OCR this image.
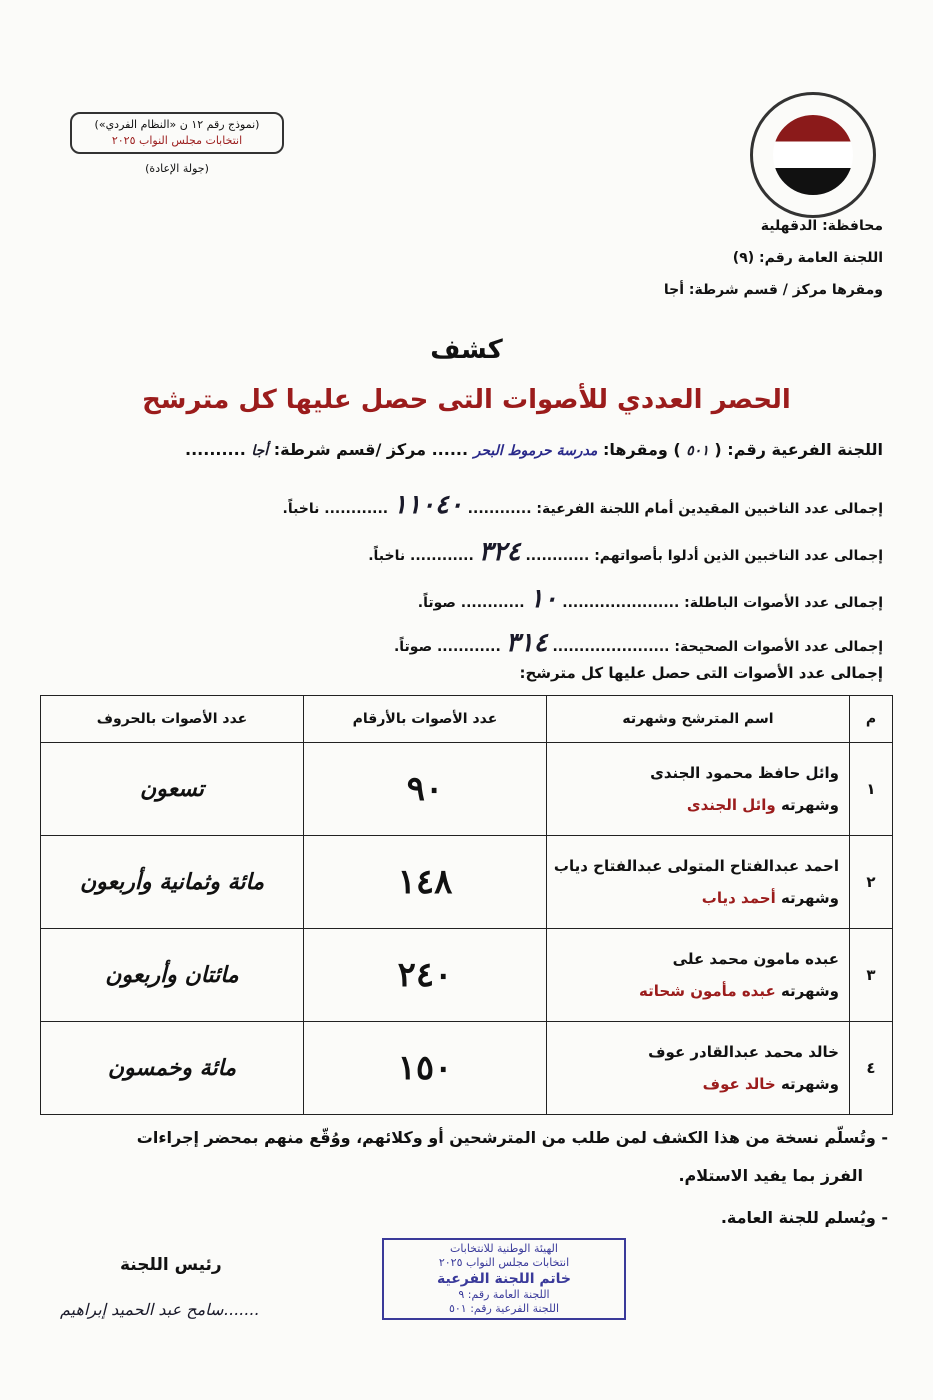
(نموذج رقم ١٢ ن «النظام الفردي»)
انتخابات مجلس النواب ٢٠٢٥
(جولة الإعادة)
محافظة: الدقهلية
اللجنة العامة رقم: (٩)
ومقرها مركز / قسم شرطة: أجا
كشف
الحصر العددي للأصوات التى حصل عليها كل مترشح
اللجنة الفرعية رقم: ( ٥٠١ ) ومقرها: مدرسة حرموط البحر ...... مركز /قسم شرطة: أجا ..........
إجمالى عدد الناخبين المقيدين أمام اللجنة الفرعية: ............ ١١٠٤٠ ............ ناخباً.
إجمالى عدد الناخبين الذين أدلوا بأصواتهم: ............ ٣٢٤ ............ ناخباً.
إجمالى عدد الأصوات الباطلة: ...................... ١٠ ............ صوتاً.
إجمالى عدد الأصوات الصحيحة: ...................... ٣١٤ ............ صوتاً.
إجمالى عدد الأصوات التى حصل عليها كل مترشح:
م	اسم المترشح وشهرته	عدد الأصوات بالأرقام	عدد الأصوات بالحروف
١	وائل حافظ محمود الجندى
وشهرته وائل الجندى	٩٠	تسعون
٢	احمد عبدالفتاح المتولى عبدالفتاح دياب
وشهرته أحمد دياب	١٤٨	مائة وثمانية وأربعون
٣	عبده مامون محمد على
وشهرته عبده مأمون شحاته	٢٤٠	مائتان وأربعون
٤	خالد محمد عبدالقادر عوف
وشهرته خالد عوف	١٥٠	مائة وخمسون
- وتُسلّم نسخة من هذا الكشف لمن طلب من المترشحين أو وكلائهم، ووُقّع منهم بمحضر إجراءات
الفرز بما يفيد الاستلام.
- ويُسلم للجنة العامة.
رئيس اللجنة
.......سامح عبد الحميد إبراهيم
الهيئة الوطنية للانتخابات
انتخابات مجلس النواب ٢٠٢٥
خاتم اللجنة الفرعية
اللجنة العامة رقم: ٩
اللجنة الفرعية رقم: ٥٠١
